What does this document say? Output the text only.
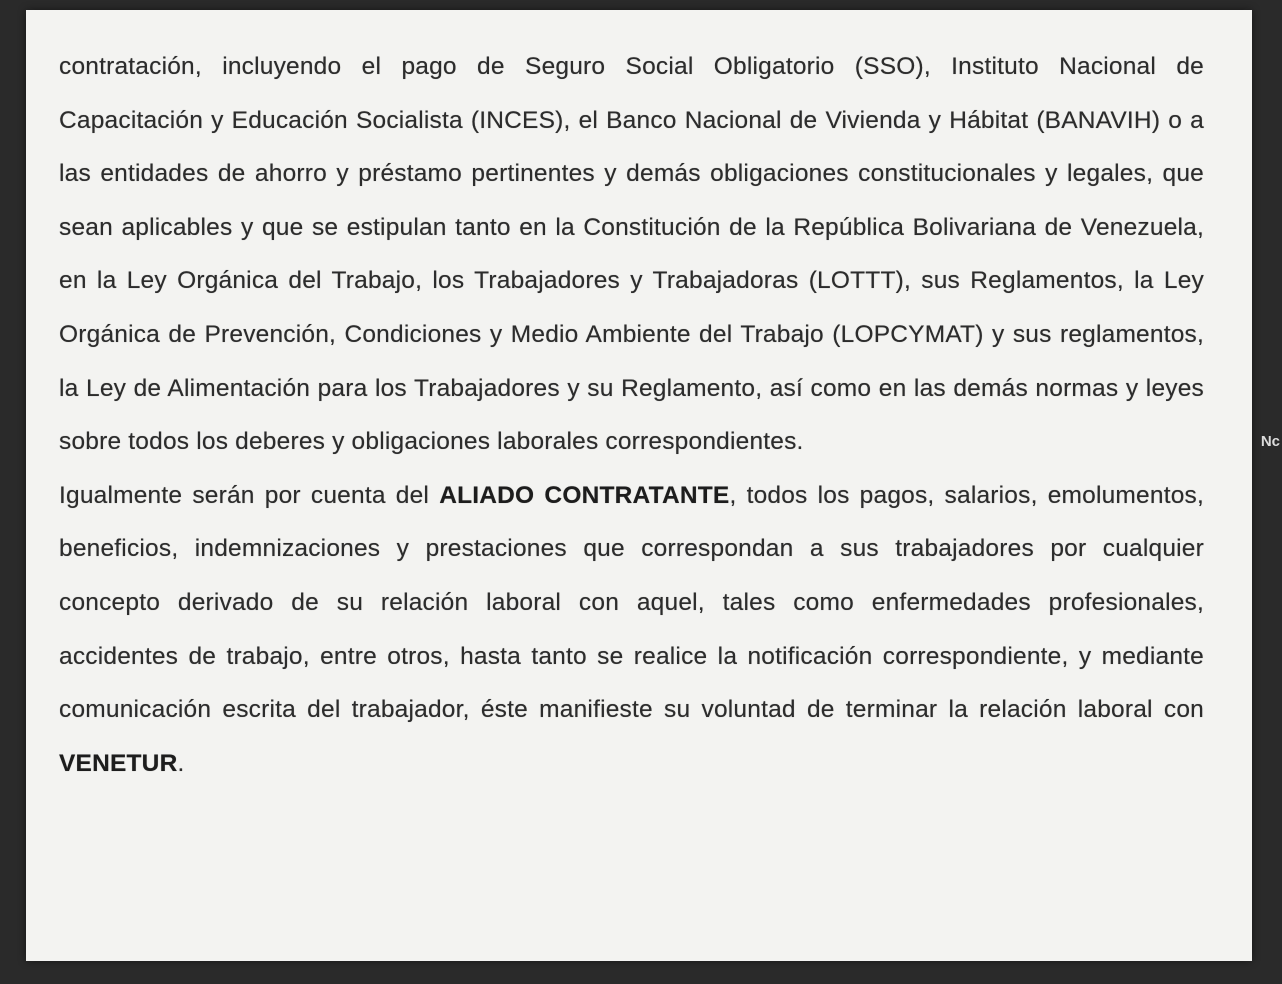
Nc

contratación, incluyendo el pago de Seguro Social Obligatorio (SSO), Instituto Nacional de Capacitación y Educación Socialista (INCES), el Banco Nacional de Vivienda y Hábitat (BANAVIH) o a las entidades de ahorro y préstamo pertinentes y demás obligaciones constitucionales y legales, que sean aplicables y que se estipulan tanto en la Constitución de la República Bolivariana de Venezuela, en la Ley Orgánica del Trabajo, los Trabajadores y Trabajadoras (LOTTT), sus Reglamentos, la Ley Orgánica de Prevención, Condiciones y Medio Ambiente del Trabajo (LOPCYMAT) y sus reglamentos, la Ley de Alimentación para los Trabajadores y su Reglamento, así como en las demás normas y leyes sobre todos los deberes y obligaciones laborales correspondientes.

Igualmente serán por cuenta del ALIADO CONTRATANTE, todos los pagos, salarios, emolumentos, beneficios, indemnizaciones y prestaciones que correspondan a sus trabajadores por cualquier concepto derivado de su relación laboral con aquel, tales como enfermedades profesionales, accidentes de trabajo, entre otros, hasta tanto se realice la notificación correspondiente, y mediante comunicación escrita del trabajador, éste manifieste su voluntad de terminar la relación laboral con VENETUR.
